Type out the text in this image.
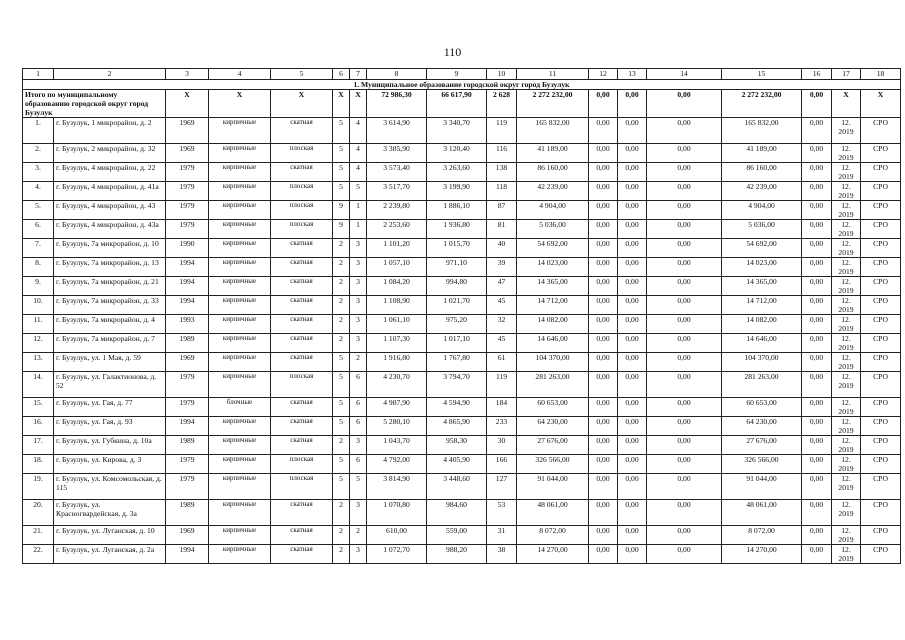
110
1	2	3	4	5	6	7	8	9	10	11	12	13	14	15	16	17	18
1. Муниципальное образование городской округ город Бузулук																	
Итого по муниципальному образованию городской округ город Бузулук		X	X	X	X	X	72 986,30	66 617,90	2 628	2 272 232,00	0,00	0,00	0,00	2 272 232,00	0,00	X	X
1.	г. Бузулук, 1 микрорайон, д. 2	1969	кирпичные	скатная	5	4	3 614,90	3 340,70	119	165 832,00	0,00	0,00	0,00	165 832,00	0,00	12. 2019	СРО
2.	г. Бузулук, 2 микрорайон, д. 32	1969	кирпичные	плоская	5	4	3 385,90	3 120,40	116	41 189,00	0,00	0,00	0,00	41 189,00	0,00	12. 2019	СРО
3.	г. Бузулук, 4 микрорайон, д. 22	1979	кирпичные	скатная	5	4	3 573,40	3 263,60	138	86 160,00	0,00	0,00	0,00	86 160,00	0,00	12. 2019	СРО
4.	г. Бузулук, 4 микрорайон, д. 41а	1979	кирпичные	плоская	5	5	3 517,70	3 199,90	118	42 239,00	0,00	0,00	0,00	42 239,00	0,00	12. 2019	СРО
5.	г. Бузулук, 4 микрорайон, д. 43	1979	кирпичные	плоская	9	1	2 239,80	1 886,10	87	4 904,00	0,00	0,00	0,00	4 904,00	0,00	12. 2019	СРО
6.	г. Бузулук, 4 микрорайон, д. 43а	1979	кирпичные	плоская	9	1	2 253,60	1 936,80	81	5 036,00	0,00	0,00	0,00	5 036,00	0,00	12. 2019	СРО
7.	г. Бузулук, 7а микрорайон, д. 10	1990	кирпичные	скатная	2	3	1 101,20	1 015,70	40	54 692,00	0,00	0,00	0,00	54 692,00	0,00	12. 2019	СРО
8.	г. Бузулук, 7а микрорайон, д. 13	1994	кирпичные	скатная	2	3	1 057,10	971,10	39	14 023,00	0,00	0,00	0,00	14 023,00	0,00	12. 2019	СРО
9.	г. Бузулук, 7а микрорайон, д. 21	1994	кирпичные	скатная	2	3	1 084,20	994,80	47	14 365,00	0,00	0,00	0,00	14 365,00	0,00	12. 2019	СРО
10.	г. Бузулук, 7а микрорайон, д. 33	1994	кирпичные	скатная	2	3	1 108,90	1 021,70	45	14 712,00	0,00	0,00	0,00	14 712,00	0,00	12. 2019	СРО
11.	г. Бузулук, 7а микрорайон, д. 4	1993	кирпичные	скатная	2	3	1 061,10	975,20	32	14 082,00	0,00	0,00	0,00	14 082,00	0,00	12. 2019	СРО
12.	г. Бузулук, 7а микрорайон, д. 7	1989	кирпичные	скатная	2	3	1 107,30	1 017,10	45	14 646,00	0,00	0,00	0,00	14 646,00	0,00	12. 2019	СРО
13.	г. Бузулук, ул. 1 Мая, д. 59	1969	кирпичные	скатная	5	2	1 916,80	1 767,80	61	104 370,00	0,00	0,00	0,00	104 370,00	0,00	12. 2019	СРО
14.	г. Бузулук, ул. Галактионова, д. 52	1979	кирпичные	плоская	5	6	4 230,70	3 794,70	119	281 263,00	0,00	0,00	0,00	281 263,00	0,00	12. 2019	СРО
15.	г. Бузулук, ул. Гая, д. 77	1979	блочные	скатная	5	6	4 987,90	4 594,90	184	60 653,00	0,00	0,00	0,00	60 653,00	0,00	12. 2019	СРО
16.	г. Бузулук, ул. Гая, д. 93	1994	кирпичные	скатная	5	6	5 280,10	4 865,90	233	64 230,00	0,00	0,00	0,00	64 230,00	0,00	12. 2019	СРО
17.	г. Бузулук, ул. Губкина, д. 10а	1989	кирпичные	скатная	2	3	1 043,70	958,30	30	27 676,00	0,00	0,00	0,00	27 676,00	0,00	12. 2019	СРО
18.	г. Бузулук, ул. Кирова, д. 3	1979	кирпичные	плоская	5	6	4 792,00	4 405,90	166	326 566,00	0,00	0,00	0,00	326 566,00	0,00	12. 2019	СРО
19.	г. Бузулук, ул. Комсомольская, д. 115	1979	кирпичные	плоская	5	5	3 814,90	3 448,60	127	91 044,00	0,00	0,00	0,00	91 044,00	0,00	12. 2019	СРО
20.	г. Бузулук, ул. Красногвардейская, д. 3а	1989	кирпичные	скатная	2	3	1 070,80	984,60	53	48 061,00	0,00	0,00	0,00	48 061,00	0,00	12. 2019	СРО
21.	г. Бузулук, ул. Луганская, д. 10	1969	кирпичные	скатная	2	2	610,00	559,00	31	8 072,00	0,00	0,00	0,00	8 072,00	0,00	12. 2019	СРО
22.	г. Бузулук, ул. Луганская, д. 2а	1994	кирпичные	скатная	2	3	1 072,70	988,20	38	14 270,00	0,00	0,00	0,00	14 270,00	0,00	12. 2019	СРО
